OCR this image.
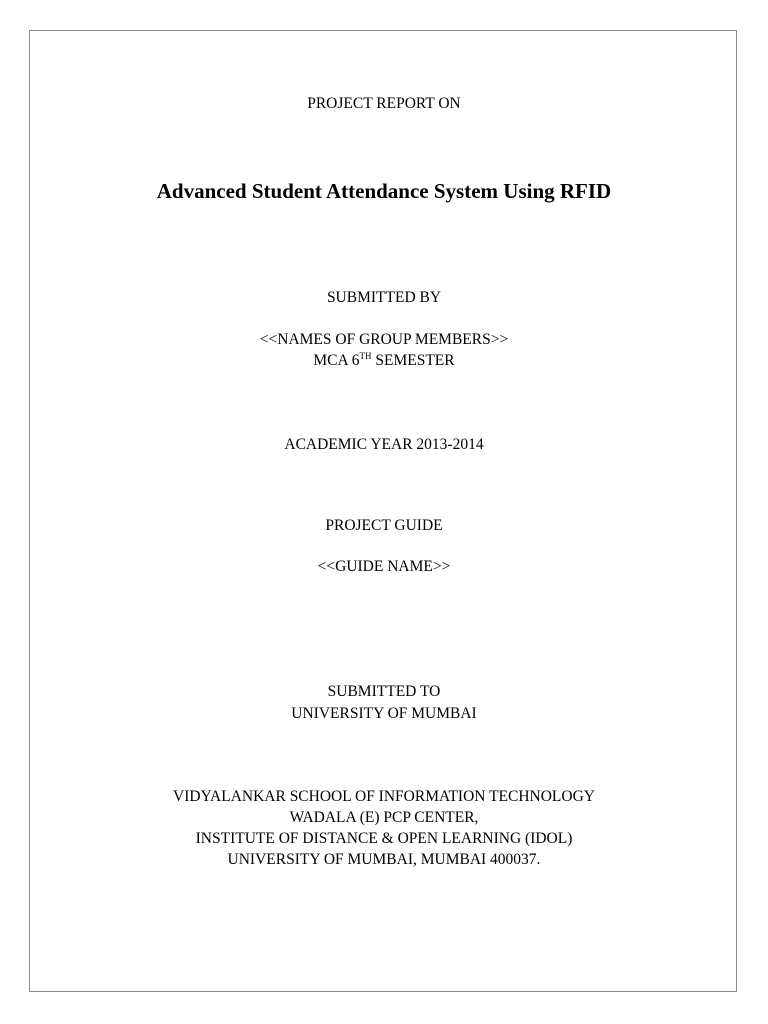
PROJECT REPORT ON
Advanced Student Attendance System Using RFID
SUBMITTED BY
<<NAMES OF GROUP MEMBERS>>
MCA 6TH SEMESTER
ACADEMIC YEAR 2013-2014
PROJECT GUIDE
<<GUIDE NAME>>
SUBMITTED TO
UNIVERSITY OF MUMBAI
VIDYALANKAR SCHOOL OF INFORMATION TECHNOLOGY
WADALA (E) PCP CENTER,
INSTITUTE OF DISTANCE & OPEN LEARNING (IDOL)
UNIVERSITY OF MUMBAI, MUMBAI 400037.
